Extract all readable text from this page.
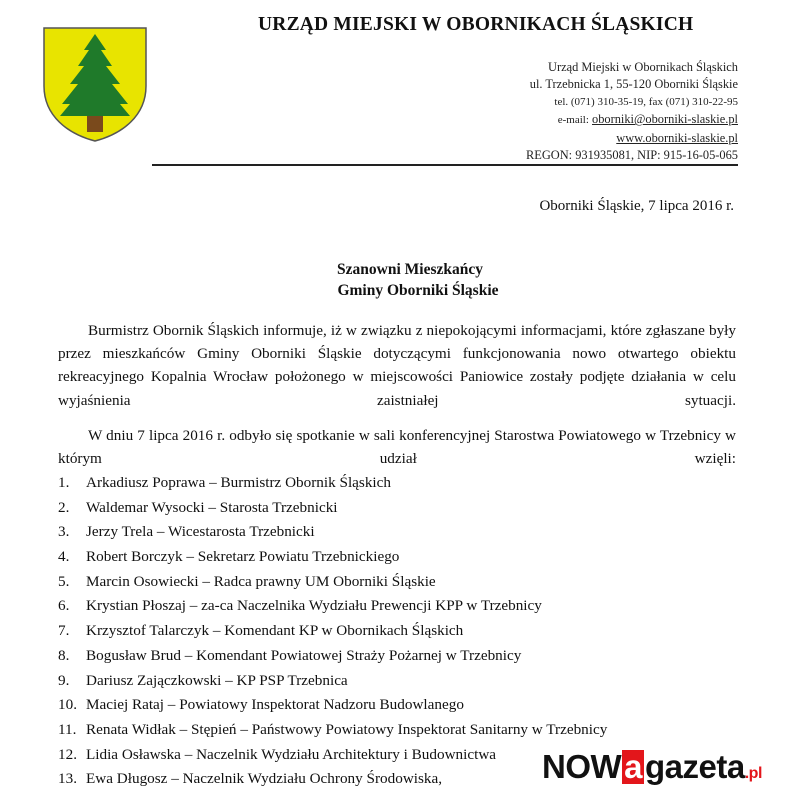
URZĄD MIEJSKI W OBORNIKACH ŚLĄSKICH
Urząd Miejski w Obornikach Śląskich
ul. Trzebnicka 1, 55-120 Oborniki Śląskie
tel. (071) 310-35-19, fax (071) 310-22-95
e-mail: oborniki@oborniki-slaskie.pl
www.oborniki-slaskie.pl
REGON: 931935081, NIP: 915-16-05-065
Oborniki Śląskie, 7 lipca 2016 r.
Szanowni Mieszkańcy
Gminy Oborniki Śląskie
Burmistrz Obornik Śląskich informuje, iż w związku z niepokojącymi informacjami, które zgłaszane były przez mieszkańców Gminy Oborniki Śląskie dotyczącymi funkcjonowania nowo otwartego obiektu rekreacyjnego Kopalnia Wrocław położonego w miejscowości Paniowice zostały podjęte działania w celu wyjaśnienia zaistniałej sytuacji.
W dniu 7 lipca 2016 r. odbyło się spotkanie w sali konferencyjnej Starostwa Powiatowego w Trzebnicy w którym udział wzięli:
1. Arkadiusz Poprawa – Burmistrz Obornik Śląskich
2. Waldemar Wysocki – Starosta Trzebnicki
3. Jerzy Trela – Wicestarosta Trzebnicki
4. Robert Borczyk – Sekretarz Powiatu Trzebnickiego
5. Marcin Osowiecki – Radca prawny UM Oborniki Śląskie
6. Krystian Płoszaj – za-ca Naczelnika Wydziału Prewencji KPP w Trzebnicy
7. Krzysztof Talarczyk – Komendant KP w Obornikach Śląskich
8. Bogusław Brud – Komendant Powiatowej Straży Pożarnej w Trzebnicy
9. Dariusz Zajączkowski – KP PSP Trzebnica
10. Maciej Rataj – Powiatowy Inspektorat Nadzoru Budowlanego
11. Renata Widłak – Stępień – Państwowy Powiatowy Inspektorat Sanitarny w Trzebnicy
12. Lidia Osławska – Naczelnik Wydziału Architektury i Budownictwa
13. Ewa Długosz – Naczelnik Wydziału Ochrony Środowiska,	NOWagazeta.pl
